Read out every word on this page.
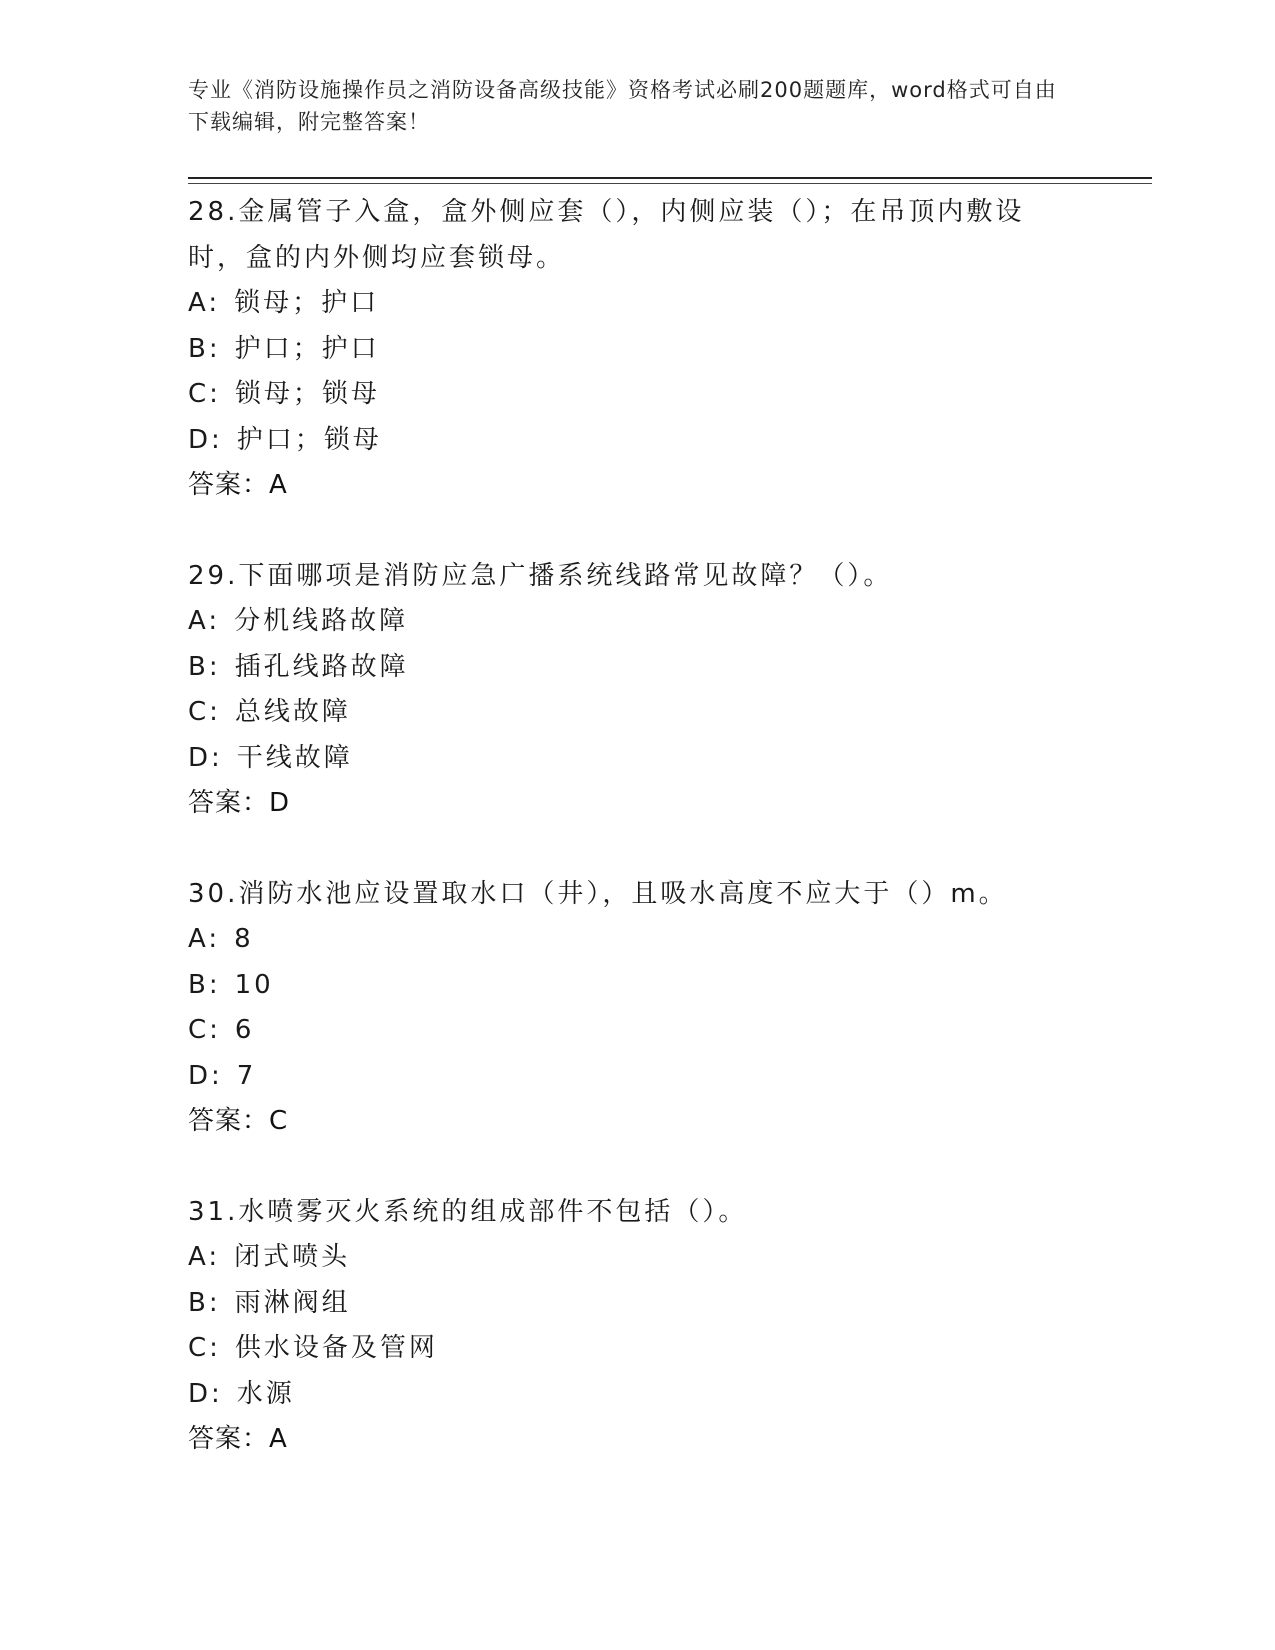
专业《消防设施操作员之消防设备高级技能》资格考试必刷200题题库，word格式可自由下载编辑，附完整答案！
28.金属管子入盒，盒外侧应套（），内侧应装（）；在吊顶内敷设时，盒的内外侧均应套锁母。
A: 锁母；护口
B: 护口；护口
C: 锁母；锁母
D: 护口；锁母
答案：A
29.下面哪项是消防应急广播系统线路常见故障？（）。
A: 分机线路故障
B: 插孔线路故障
C: 总线故障
D: 干线故障
答案：D
30.消防水池应设置取水口（井），且吸水高度不应大于（）m。
A: 8
B: 10
C: 6
D: 7
答案：C
31.水喷雾灭火系统的组成部件不包括（）。
A: 闭式喷头
B: 雨淋阀组
C: 供水设备及管网
D: 水源
答案：A
